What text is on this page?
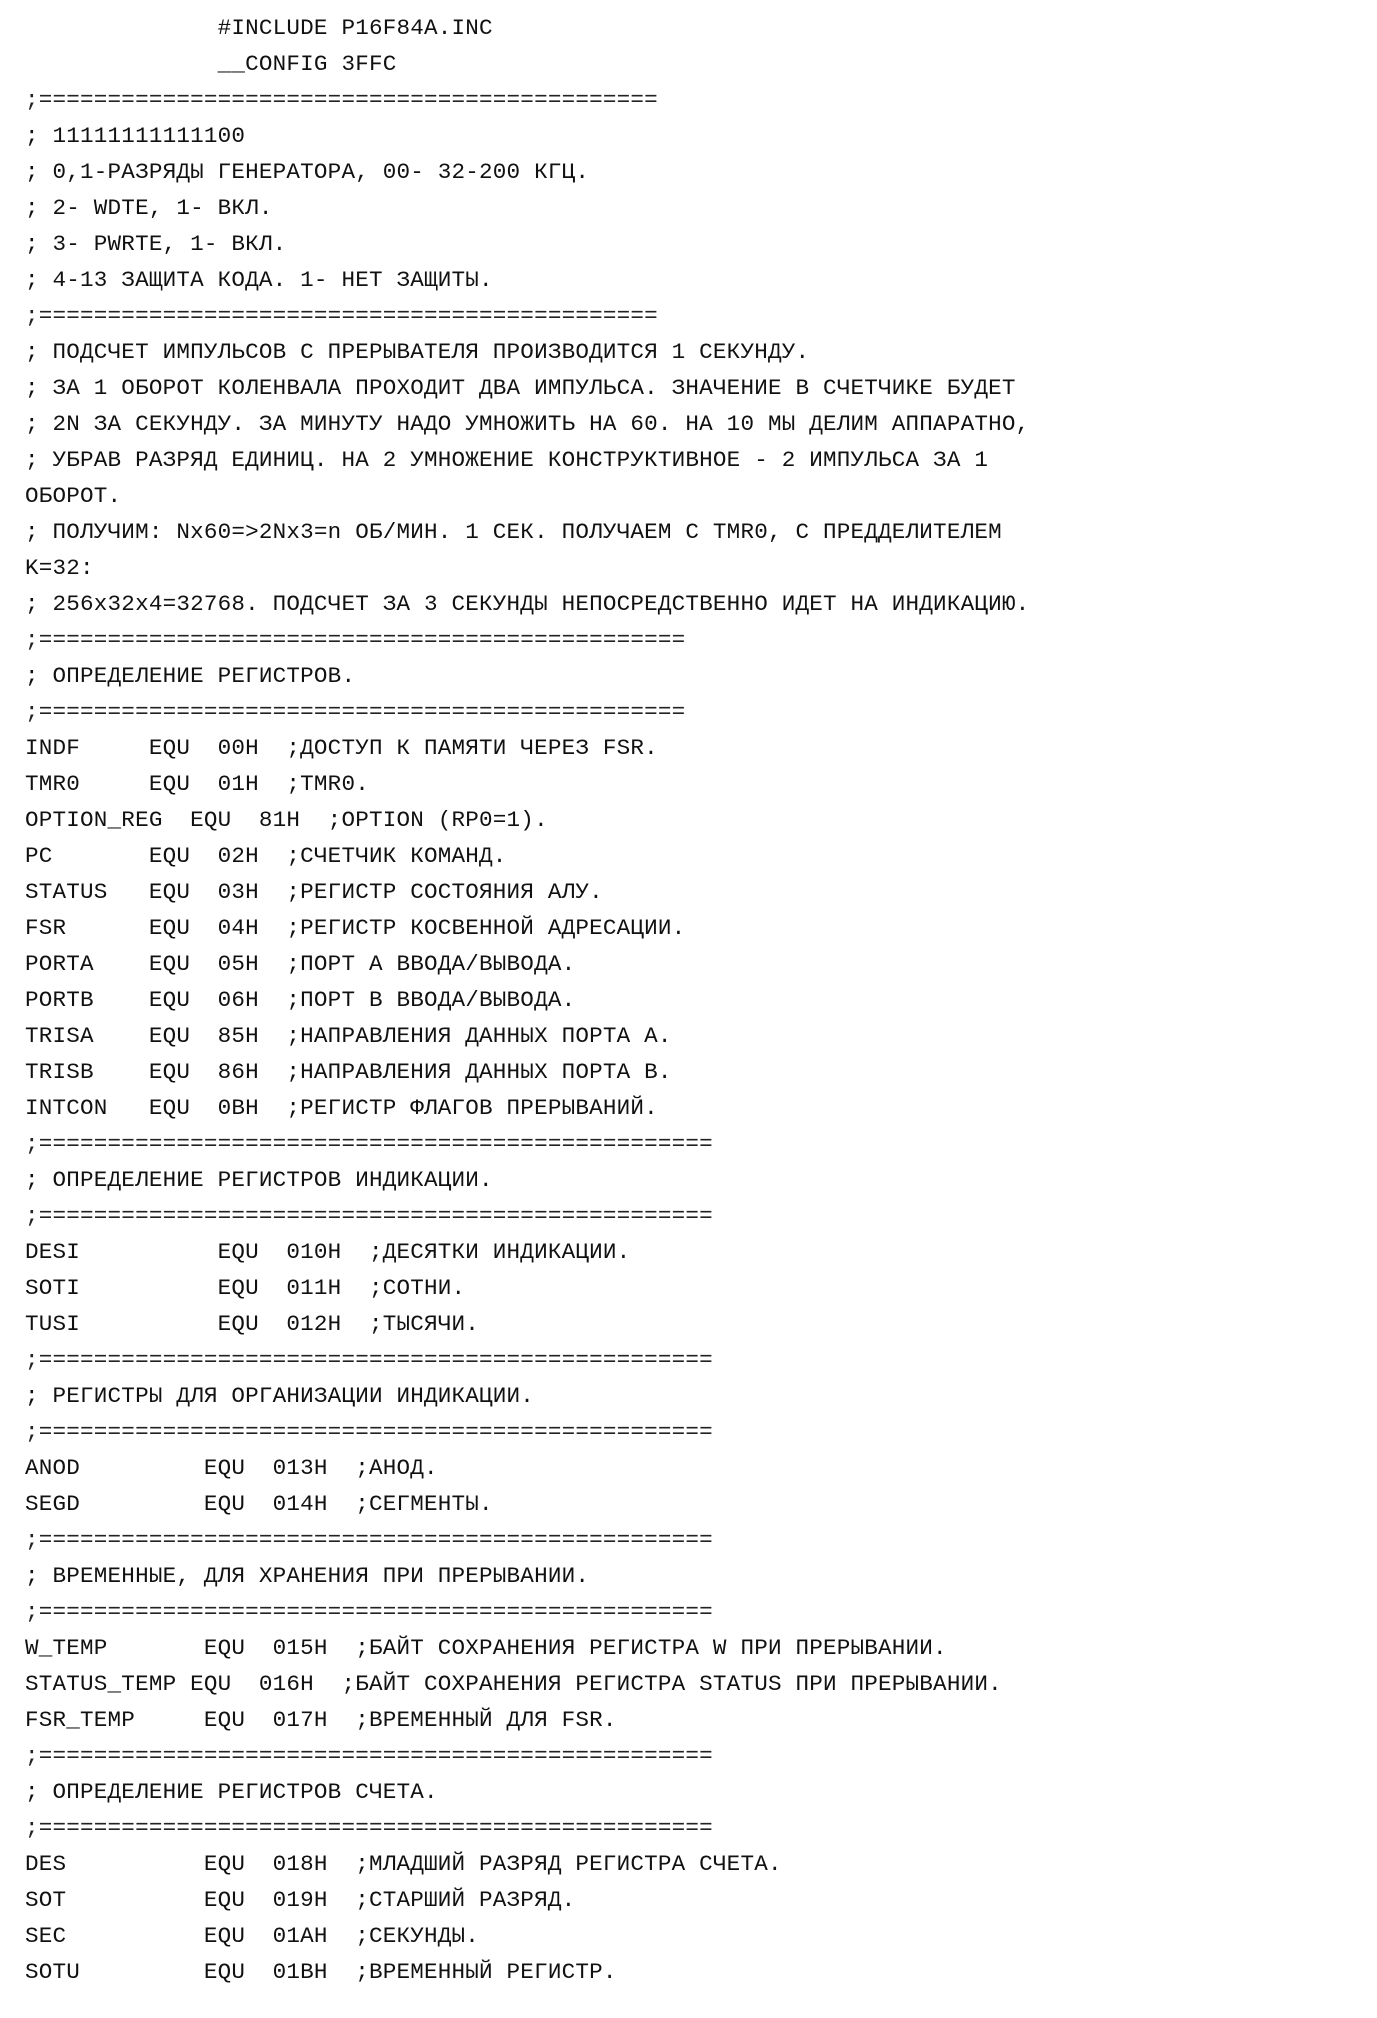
#INCLUDE P16F84A.INC
__CONFIG 3FFC
;=============================================
; 11111111111100
; 0,1-РАЗРЯДЫ ГЕНЕРАТОРА, 00- 32-200 КГЦ.
; 2- WDTE, 1- ВКЛ.
; 3- PWRTE, 1- ВКЛ.
; 4-13 ЗАЩИТА КОДА. 1- НЕТ ЗАЩИТЫ.
;=============================================
; ПОДСЧЕТ ИМПУЛЬСОВ С ПРЕРЫВАТЕЛЯ ПРОИЗВОДИТСЯ 1 СЕКУНДУ.
; ЗА 1 ОБОРОТ КОЛЕНВАЛА ПРОХОДИТ ДВА ИМПУЛЬСА. ЗНАЧЕНИЕ В СЧЕТЧИКЕ БУДЕТ
; 2N ЗА СЕКУНДУ. ЗА МИНУТУ НАДО УМНОЖИТЬ НА 60. НА 10 МЫ ДЕЛИМ АППАРАТНО,
; УБРАВ РАЗРЯД ЕДИНИЦ. НА 2 УМНОЖЕНИЕ КОНСТРУКТИВНОЕ - 2 ИМПУЛЬСА ЗА 1
ОБОРОТ.
; ПОЛУЧИМ: Nx60=>2Nx3=n ОБ/МИН. 1 СЕК. ПОЛУЧАЕМ С TMR0, С ПРЕДДЕЛИТЕЛЕМ
K=32:
; 256x32x4=32768. ПОДСЧЕТ ЗА 3 СЕКУНДЫ НЕПОСРЕДСТВЕННО ИДЕТ НА ИНДИКАЦИЮ.
;===============================================
; ОПРЕДЕЛЕНИЕ РЕГИСТРОВ.
;===============================================
INDF     EQU  00H  ;ДОСТУП К ПАМЯТИ ЧЕРЕЗ FSR.
TMR0     EQU  01H  ;TMR0.
OPTION_REG  EQU  81H  ;OPTION (RP0=1).
PC       EQU  02H  ;СЧЕТЧИК КОМАНД.
STATUS   EQU  03H  ;РЕГИСТР СОСТОЯНИЯ АЛУ.
FSR      EQU  04H  ;РЕГИСТР КОСВЕННОЙ АДРЕСАЦИИ.
PORTA    EQU  05H  ;ПОРТ А ВВОДА/ВЫВОДА.
PORTB    EQU  06H  ;ПОРТ В ВВОДА/ВЫВОДА.
TRISA    EQU  85H  ;НАПРАВЛЕНИЯ ДАННЫХ ПОРТА А.
TRISB    EQU  86H  ;НАПРАВЛЕНИЯ ДАННЫХ ПОРТА В.
INTCON   EQU  0BH  ;РЕГИСТР ФЛАГОВ ПРЕРЫВАНИЙ.
;=================================================
; ОПРЕДЕЛЕНИЕ РЕГИСТРОВ ИНДИКАЦИИ.
;=================================================
DESI          EQU  010H  ;ДЕСЯТКИ ИНДИКАЦИИ.
SOTI          EQU  011H  ;СОТНИ.
TUSI          EQU  012H  ;ТЫСЯЧИ.
;=================================================
; РЕГИСТРЫ ДЛЯ ОРГАНИЗАЦИИ ИНДИКАЦИИ.
;=================================================
ANOD         EQU  013H  ;АНОД.
SEGD         EQU  014H  ;СЕГМЕНТЫ.
;=================================================
; ВРЕМЕННЫЕ, ДЛЯ ХРАНЕНИЯ ПРИ ПРЕРЫВАНИИ.
;=================================================
W_TEMP       EQU  015H  ;БАЙТ СОХРАНЕНИЯ РЕГИСТРА W ПРИ ПРЕРЫВАНИИ.
STATUS_TEMP EQU  016H  ;БАЙТ СОХРАНЕНИЯ РЕГИСТРА STATUS ПРИ ПРЕРЫВАНИИ.
FSR_TEMP     EQU  017H  ;ВРЕМЕННЫЙ ДЛЯ FSR.
;=================================================
; ОПРЕДЕЛЕНИЕ РЕГИСТРОВ СЧЕТА.
;=================================================
DES          EQU  018H  ;МЛАДШИЙ РАЗРЯД РЕГИСТРА СЧЕТА.
SOT          EQU  019H  ;СТАРШИЙ РАЗРЯД.
SEC          EQU  01AH  ;СЕКУНДЫ.
SOTU         EQU  01BH  ;ВРЕМЕННЫЙ РЕГИСТР.
